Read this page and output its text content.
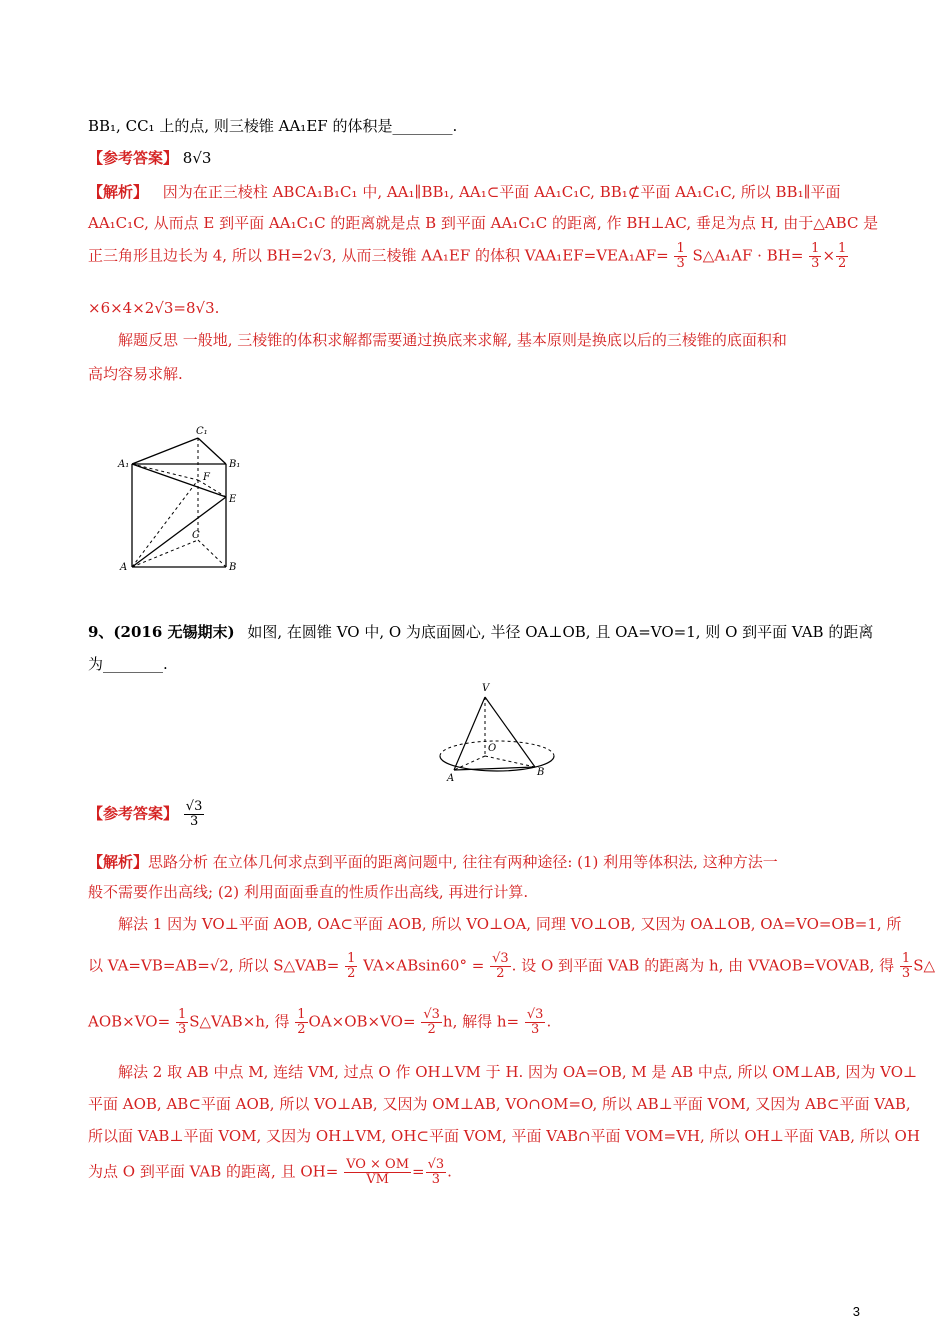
BB₁, CC₁ 上的点, 则三棱锥 AA₁EF 的体积是________.
【参考答案】 8√3
【解析】 因为在正三棱柱 ABCA₁B₁C₁ 中, AA₁∥BB₁, AA₁⊂平面 AA₁C₁C, BB₁⊄平面 AA₁C₁C, 所以 BB₁∥平面
AA₁C₁C, 从而点 E 到平面 AA₁C₁C 的距离就是点 B 到平面 AA₁C₁C 的距离, 作 BH⊥AC, 垂足为点 H, 由于△ABC 是
正三角形且边长为 4, 所以 BH=2√3, 从而三棱锥 AA₁EF 的体积 $VAA_1EF=VEA_1AF= \frac{1}{3}$ S△A₁AF · $BH= \frac{1}{3} \times \frac{1}{2}$
×6×4×2√3=8√3.
解题反思 一般地, 三棱锥的体积求解都需要通过换底来求解, 基本原则是换底以后的三棱锥的底面积和
高均容易求解.
C₁
A₁	B₁
F
E
C
A	B
9、(2016 无锡期末) 如图, 在圆锥 VO 中, O 为底面圆心, 半径 OA⊥OB, 且 OA=VO=1, 则 O 到平面 VAB 的距离
为________.
V
O
A
B
【参考答案】 $\frac{√3}{3}$
【解析】思路分析 在立体几何求点到平面的距离问题中, 往往有两种途径: (1) 利用等体积法, 这种方法一
般不需要作出高线; (2) 利用面面垂直的性质作出高线, 再进行计算.
解法 1 因为 VO⊥平面 AOB, OA⊂平面 AOB, 所以 VO⊥OA, 同理 VO⊥OB, 又因为 OA⊥OB, OA=VO=OB=1, 所
以 VA=VB=AB=√2, 所以 S△VAB= $\frac{1}{2} VA\times ABsin60^\circ = \frac{√3}{2}$ . 设 O 到平面 VAB 的距离为 h, 由 VVAOB=VOVAB, 得 $\frac{1}{3}$ S△
$AOB\times VO= \frac{1}{3}$ S△VAB×h, 得 $\frac{1}{2} OA\times OB\times VO= \frac{√3}{2} h$, 解得 $h= \frac{√3}{3}$ .
解法 2 取 AB 中点 M, 连结 VM, 过点 O 作 OH⊥VM 于 H. 因为 OA=OB, M 是 AB 中点, 所以 OM⊥AB, 因为 VO⊥
平面 AOB, AB⊂平面 AOB, 所以 VO⊥AB, 又因为 OM⊥AB, VO∩OM=O, 所以 AB⊥平面 VOM, 又因为 AB⊂平面 VAB,
所以面 VAB⊥平面 VOM, 又因为 OH⊥VM, OH⊂平面 VOM, 平面 VAB∩平面 VOM=VH, 所以 OH⊥平面 VAB, 所以 OH
为点 O 到平面 VAB 的距离, 且 $OH= \frac{VO \times OM}{VM} = \frac{√3}{3}$ .
3
